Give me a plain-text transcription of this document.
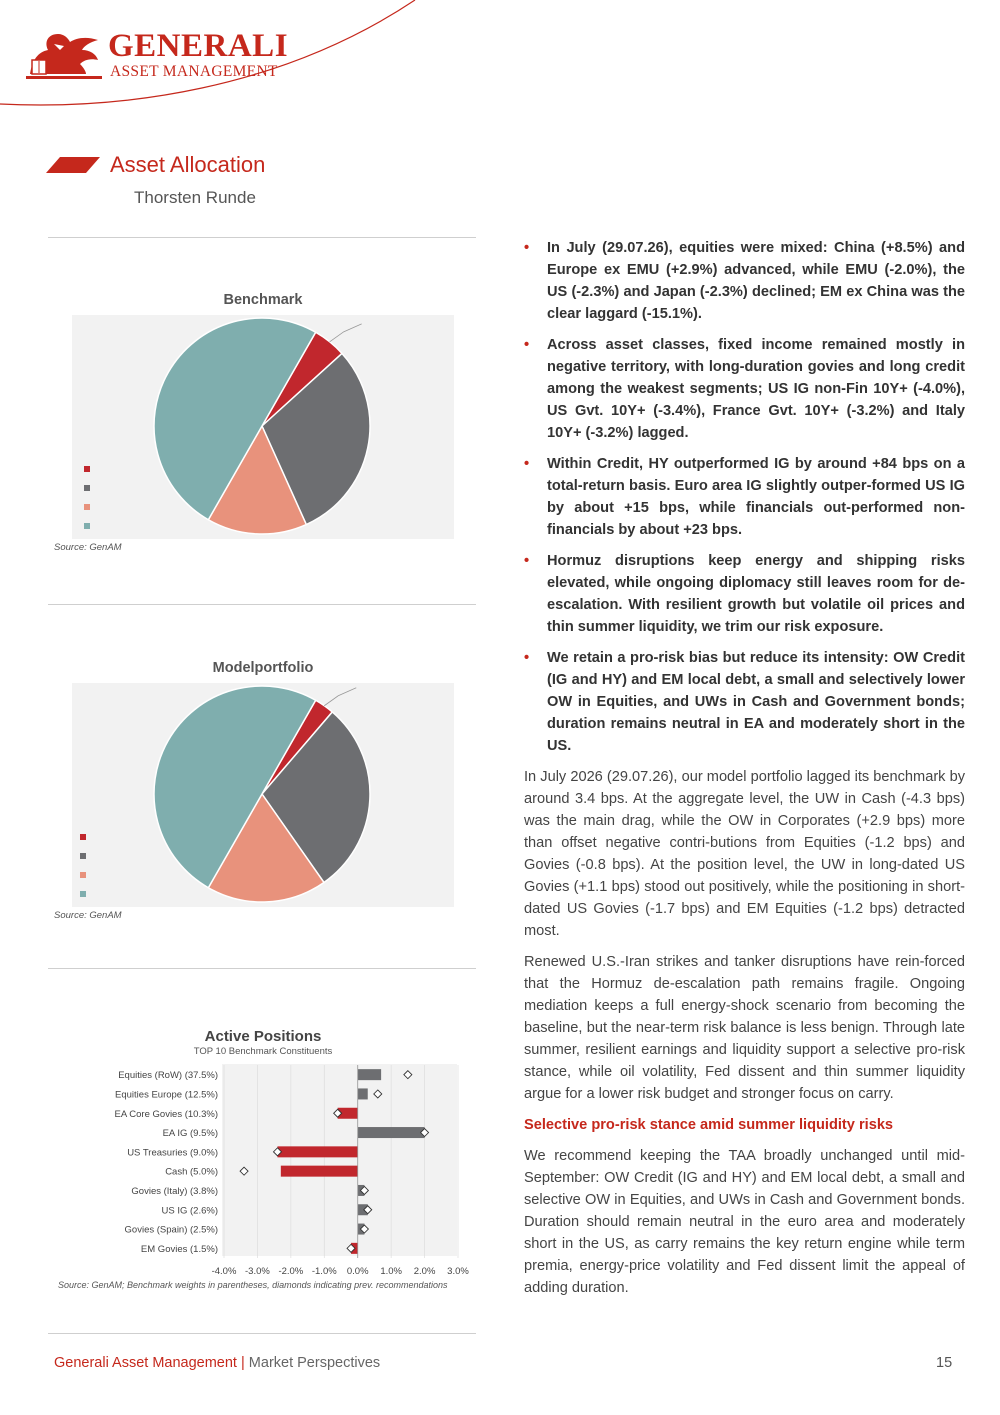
GENERALI
ASSET MANAGEMENT
Asset Allocation
Thorsten Runde
Benchmark
Source: GenAM
Modelportfolio
Source: GenAM
Active Positions
TOP 10 Benchmark Constituents
-4.0% -3.0% -2.0% -1.0% 0.0% 1.0% 2.0% 3.0%
Equities (RoW) (37.5%)
Equities Europe (12.5%)
EA Core Govies (10.3%)
EA IG (9.5%)
US Treasuries (9.0%)
Cash (5.0%)
Govies (Italy) (3.8%)
US IG (2.6%)
Govies (Spain) (2.5%)
EM Govies (1.5%)
Source: GenAM; Benchmark weights in parentheses, diamonds indicating prev. recommendations
• In July (29.07.26), equities were mixed: China (+8.5%) and Europe ex EMU (+2.9%) advanced, while EMU (-2.0%), the US (-2.3%) and Japan (-2.3%) declined; EM ex China was the clear laggard (-15.1%).
• Across asset classes, fixed income remained mostly in negative territory, with long-duration govies and long credit among the weakest segments; US IG non-Fin 10Y+ (-4.0%), US Gvt. 10Y+ (-3.4%), France Gvt. 10Y+ (-3.2%) and Italy 10Y+ (-3.2%) lagged.
• Within Credit, HY outperformed IG by around +84 bps on a total-return basis. Euro area IG slightly outper-formed US IG by about +15 bps, while financials out-performed non-financials by about +23 bps.
• Hormuz disruptions keep energy and shipping risks elevated, while ongoing diplomacy still leaves room for de-escalation. With resilient growth but volatile oil prices and thin summer liquidity, we trim our risk exposure.
• We retain a pro-risk bias but reduce its intensity: OW Credit (IG and HY) and EM local debt, a small and selectively lower OW in Equities, and UWs in Cash and Government bonds; duration remains neutral in EA and moderately short in the US.

In July 2026 (29.07.26), our model portfolio lagged its benchmark by around 3.4 bps. At the aggregate level, the UW in Cash (-4.3 bps) was the main drag, while the OW in Corporates (+2.9 bps) more than offset negative contri-butions from Equities (-1.2 bps) and Govies (-0.8 bps). At the position level, the UW in long-dated US Govies (+1.1 bps) stood out positively, while the positioning in short-dated US Govies (-1.7 bps) and EM Equities (-1.2 bps) detracted most.

Renewed U.S.-Iran strikes and tanker disruptions have rein-forced that the Hormuz de-escalation path remains fragile. Ongoing mediation keeps a full energy-shock scenario from becoming the baseline, but the near-term risk balance is less benign. Through late summer, resilient earnings and liquidity support a selective pro-risk stance, while oil volatility, Fed dissent and thin summer liquidity argue for a lower risk budget and stronger focus on carry.

Selective pro-risk stance amid summer liquidity risks

We recommend keeping the TAA broadly unchanged until mid-September: OW Credit (IG and HY) and EM local debt, a small and selective OW in Equities, and UWs in Cash and Government bonds. Duration should remain neutral in the euro area and moderately short in the US, as carry remains the key return engine while term premia, energy-price volatility and Fed dissent limit the appeal of adding duration.

Generali Asset Management | Market Perspectives	15
